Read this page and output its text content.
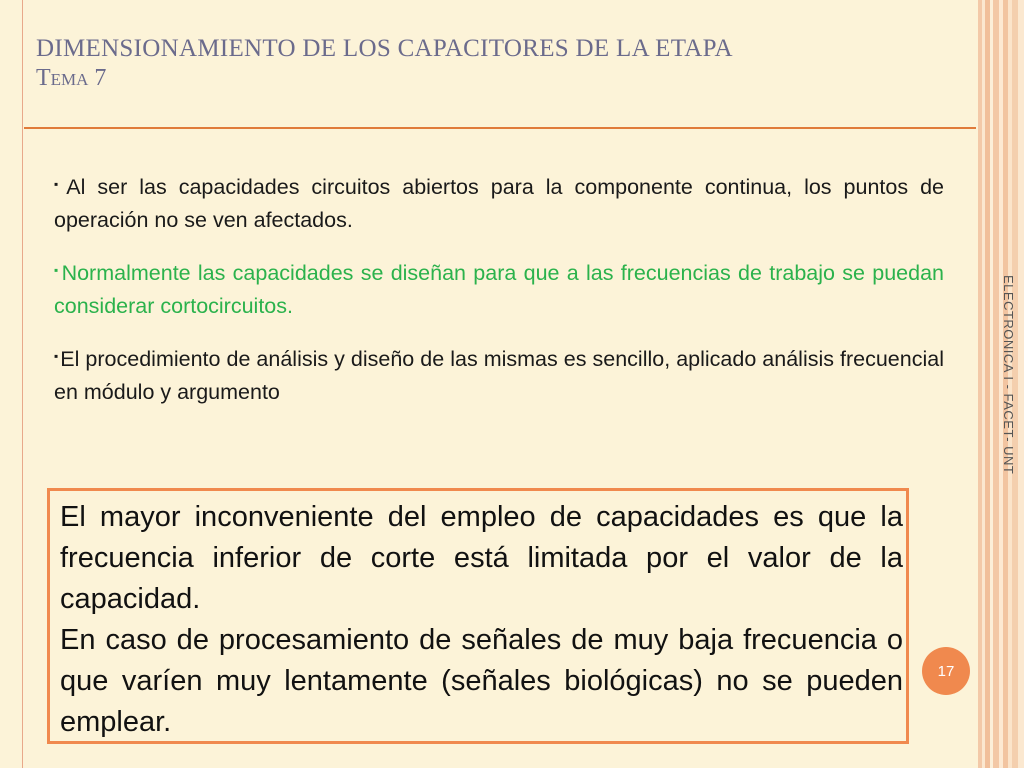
DIMENSIONAMIENTO DE LOS CAPACITORES DE LA ETAPA
Tema 7

▪Al ser las capacidades circuitos abiertos para la componente continua, los puntos de operación no se ven afectados.

▪Normalmente las capacidades se diseñan para que a las frecuencias de trabajo se puedan considerar cortocircuitos.

▪El procedimiento de análisis y diseño de las mismas es sencillo, aplicado análisis frecuencial en módulo y argumento	ELECTRONICA I - FACET- UNT

El mayor inconveniente del empleo de capacidades es que la frecuencia inferior de corte está limitada por el valor de la capacidad.

En caso de procesamiento de señales de muy baja frecuencia o que varíen muy lentamente (señales biológicas) no se pueden emplear.

17
